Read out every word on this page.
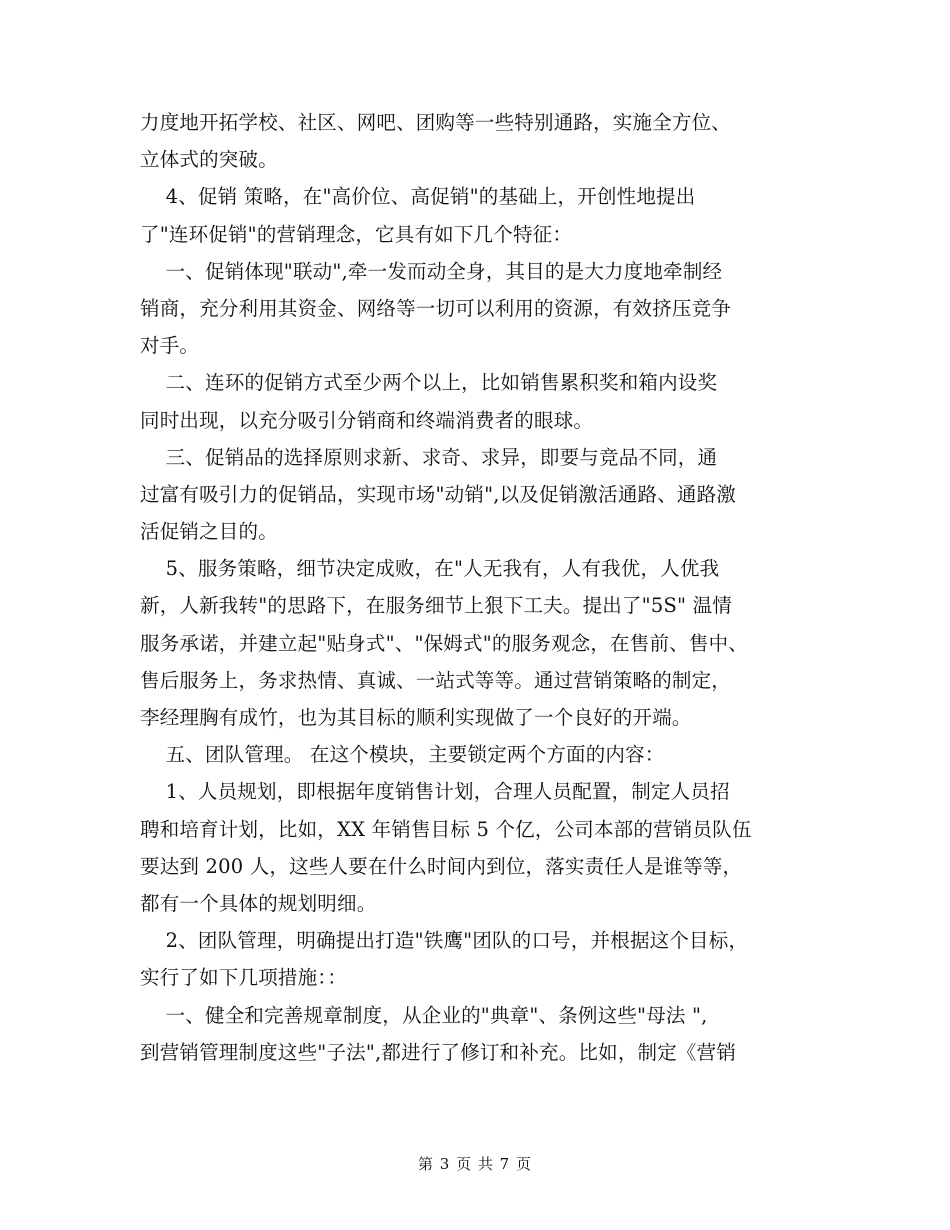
力度地开拓学校、社区、网吧、团购等一些特别通路，实施全方位、
立体式的突破。
4、促销 策略，在"高价位、高促销"的基础上，开创性地提出
了"连环促销"的营销理念，它具有如下几个特征：
一、促销体现"联动",牵一发而动全身，其目的是大力度地牵制经
销商，充分利用其资金、网络等一切可以利用的资源，有效挤压竞争
对手。
二、连环的促销方式至少两个以上，比如销售累积奖和箱内设奖
同时出现，以充分吸引分销商和终端消费者的眼球。
三、促销品的选择原则求新、求奇、求异，即要与竞品不同，通
过富有吸引力的促销品，实现市场"动销",以及促销激活通路、通路激
活促销之目的。
5、服务策略，细节决定成败，在"人无我有，人有我优，人优我
新，人新我转"的思路下，在服务细节上狠下工夫。提出了"5S" 温情
服务承诺，并建立起"贴身式"、"保姆式"的服务观念，在售前、售中、
售后服务上，务求热情、真诚、一站式等等。通过营销策略的制定，
李经理胸有成竹，也为其目标的顺利实现做了一个良好的开端。
五、团队管理。 在这个模块，主要锁定两个方面的内容：
1、人员规划，即根据年度销售计划，合理人员配置，制定人员招
聘和培育计划，比如，XX 年销售目标 5 个亿，公司本部的营销员队伍
要达到 200 人，这些人要在什么时间内到位，落实责任人是谁等等，
都有一个具体的规划明细。
2、团队管理，明确提出打造"铁鹰"团队的口号，并根据这个目标，
实行了如下几项措施：：
一、健全和完善规章制度，从企业的"典章"、条例这些"母法 ",
到营销管理制度这些"子法",都进行了修订和补充。比如，制定《营销
第 3 页 共 7 页
